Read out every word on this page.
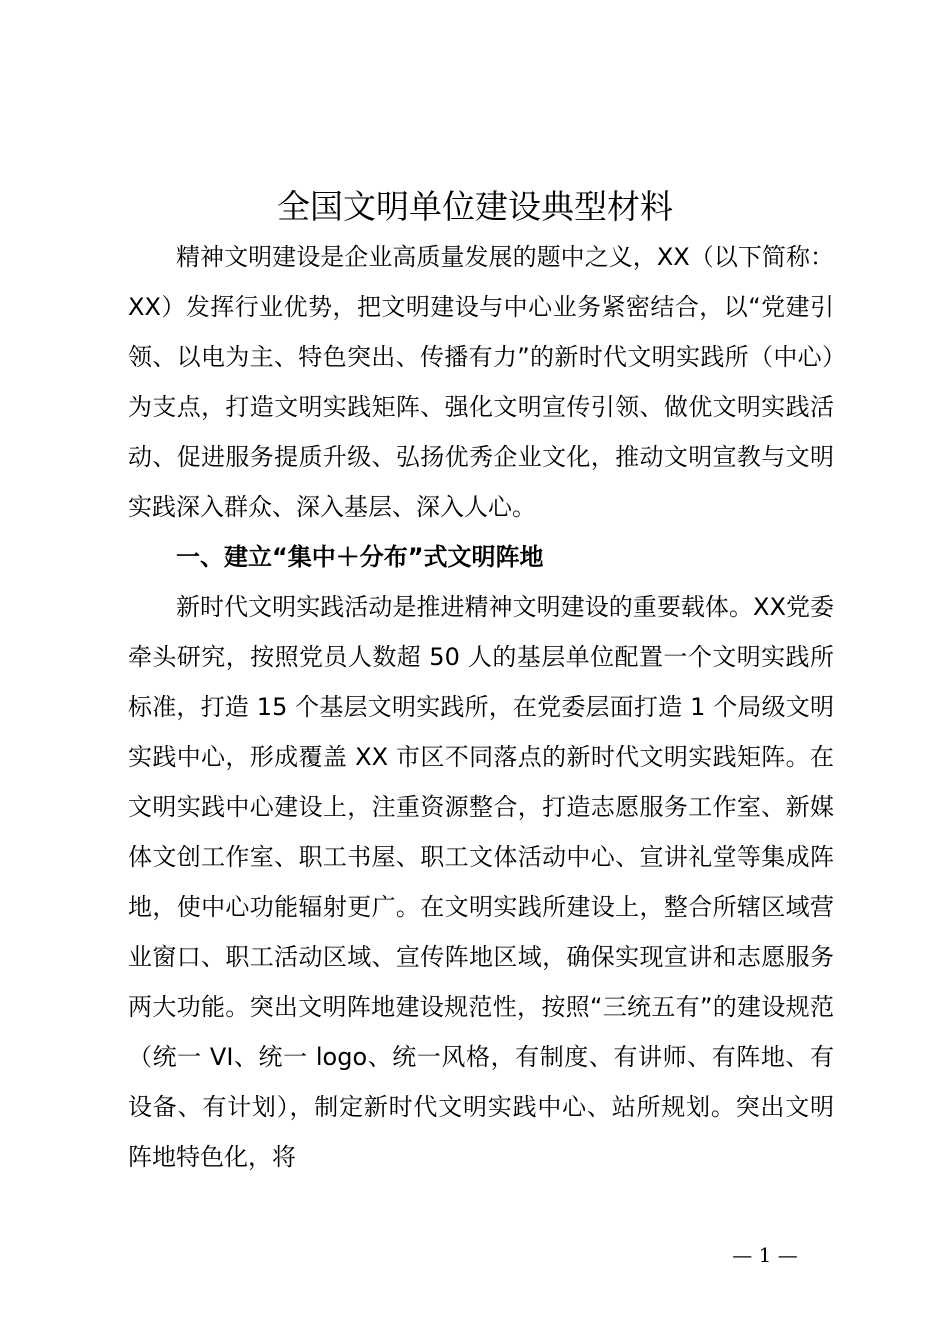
全国文明单位建设典型材料

精神文明建设是企业高质量发展的题中之义，XX（以下简称：XX）发挥行业优势，把文明建设与中心业务紧密结合，以“党建引领、以电为主、特色突出、传播有力”的新时代文明实践所（中心）为支点，打造文明实践矩阵、强化文明宣传引领、做优文明实践活动、促进服务提质升级、弘扬优秀企业文化，推动文明宣教与文明实践深入群众、深入基层、深入人心。

一、建立“集中＋分布”式文明阵地

新时代文明实践活动是推进精神文明建设的重要载体。XX党委牵头研究，按照党员人数超 50 人的基层单位配置一个文明实践所标准，打造 15 个基层文明实践所，在党委层面打造 1 个局级文明实践中心，形成覆盖 XX 市区不同落点的新时代文明实践矩阵。在文明实践中心建设上，注重资源整合，打造志愿服务工作室、新媒体文创工作室、职工书屋、职工文体活动中心、宣讲礼堂等集成阵地，使中心功能辐射更广。在文明实践所建设上，整合所辖区域营业窗口、职工活动区域、宣传阵地区域，确保实现宣讲和志愿服务两大功能。突出文明阵地建设规范性，按照“三统五有”的建设规范（统一 VI、统一 logo、统一风格，有制度、有讲师、有阵地、有设备、有计划），制定新时代文明实践中心、站所规划。突出文明阵地特色化，将

— 1 —
